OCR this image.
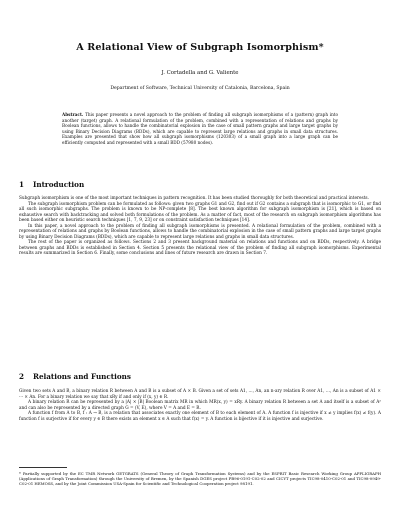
A Relational View of Subgraph Isomorphism*
J. Cortadella and G. Valiente
Department of Software, Technical University of Catalonia, Barcelona, Spain
Abstract. This paper presents a novel approach to the problem of finding all subgraph isomorphisms of a (pattern) graph into another (target) graph. A relational formulation of the problem, combined with a representation of relations and graphs by Boolean functions, allows to handle the combinatorial explosion in the case of small pattern graphs and large target graphs by using Binary Decision Diagrams (BDDs), which are capable to represent large relations and graphs in small data structures. Examples are presented that show how all subgraph isomorphisms (120303) of a small graph into a large graph can be efficiently computed and represented with a small BDD (57980 nodes).
1 Introduction

Subgraph isomorphism is one of the most important techniques in pattern recognition. It has been studied thoroughly for both theoretical and practical interests.

The subgraph isomorphism problem can be formulated as follows: given two graphs G1 and G2, find out if G2 contains a subgraph that is isomorphic to G1, or find all such isomorphic subgraphs. The problem is known to be NP-complete [8]. The best known algorithm for subgraph isomorphism is [21], which is based on exhaustive search with backtracking and solved both formulations of the problem. As a matter of fact, most of the research on subgraph isomorphism algorithms has been based either on heuristic search techniques [1, 7, 9, 23] or on constraint satisfaction techniques [14].

In this paper, a novel approach to the problem of finding all subgraph isomorphisms is presented. A relational formulation of the problem, combined with a representation of relations and graphs by Boolean functions, allows to handle the combinatorial explosion in the case of small pattern graphs and large target graphs by using Binary Decision Diagrams (BDDs), which are capable to represent large relations and graphs in small data structures.

The rest of the paper is organized as follows. Sections 2 and 3 present background material on relations and functions and on BDDs, respectively. A bridge between graphs and BDDs is established in Section 4. Section 5 presents the relational view of the problem of finding all subgraph isomorphisms. Experimental results are summarized in Section 6. Finally, some conclusions and lines of future research are drawn in Section 7.

2 Relations and Functions

Given two sets A and B, a binary relation R between A and B is a subset of A × B. Given a set of sets A1, ..., An, an n-ary relation R over A1, ..., An is a subset of A1 × ··· × An. For a binary relation we say that xRy if and only if (x, y) ∈ R.

A binary relation R can be represented by a |A| × |B| Boolean matrix MR in which MR(x, y) = xRy. A binary relation R between a set A and itself is a subset of A² and can also be represented by a directed graph G = (V, E), where V = A and E = R.

A function f from A to B, f : A → B, is a relation that associates exactly one element of B to each element of A. A function f is injective if x ≠ y implies f(x) ≠ f(y). A function f is surjective if for every y ∈ B there exists an element x ∈ A such that f(x) = y. A function is bijective if it is injective and surjective.

* Partially supported by the EC TMR Network GETGRATS (General Theory of Graph Transformation Systems) and by the ESPRIT Basic Research Working Group APPLIGRAPH (Applications of Graph Transformation) through the University of Bremen, by the Spanish DGES project PB96-0191-C02-02 and CICYT projects TIC98-0410-C02-01 and TIC98-0949-C02-01 HEMOSS, and by the Joint Commission USA-Spain for Scientific and Technological Cooperation project 98191.
